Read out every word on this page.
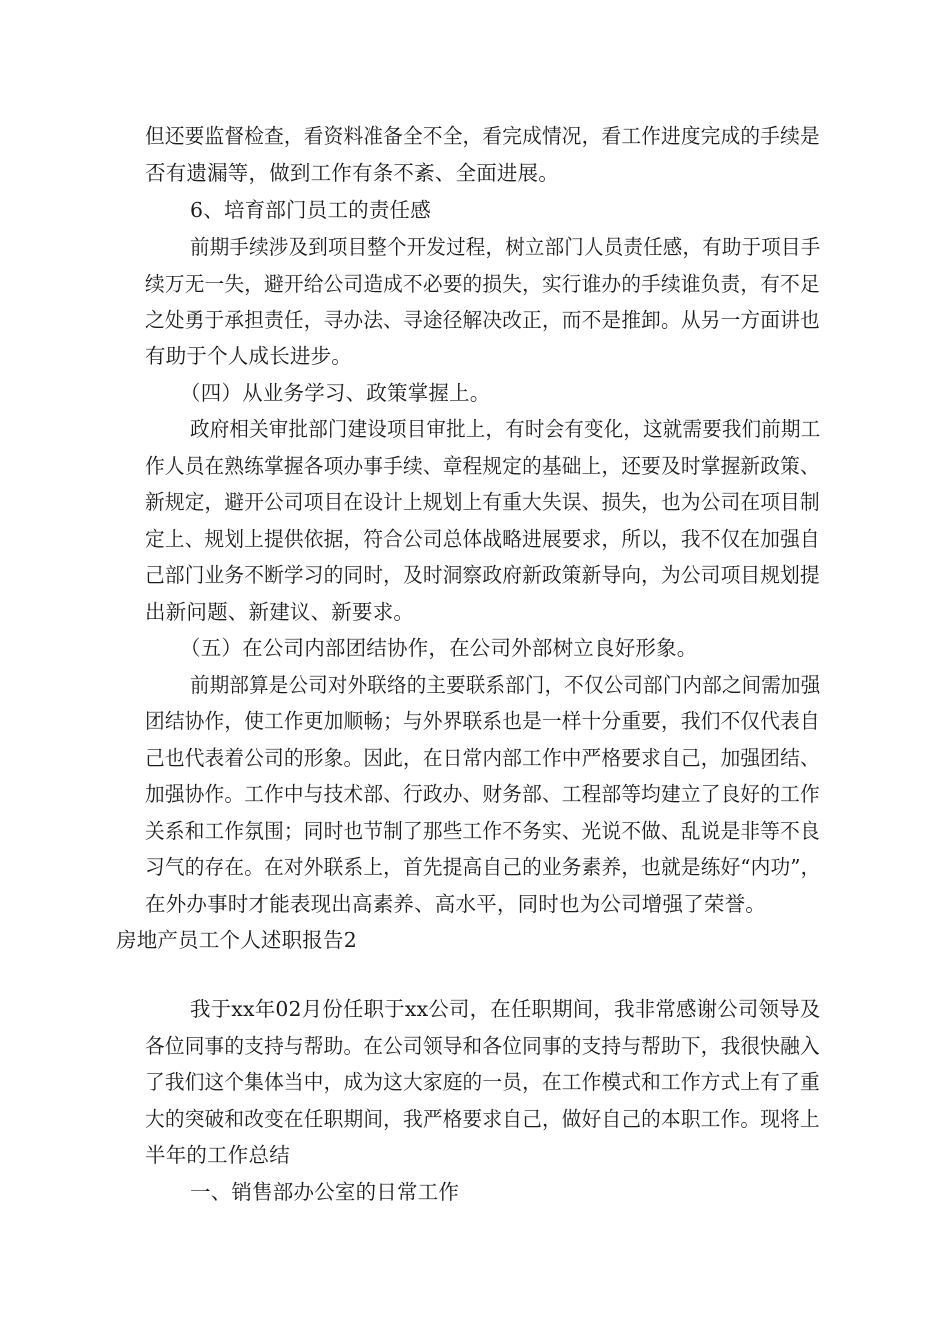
但还要监督检查，看资料准备全不全，看完成情况，看工作进度完成的手续是
否有遗漏等，做到工作有条不紊、全面进展。
6、培育部门员工的责任感
前期手续涉及到项目整个开发过程，树立部门人员责任感，有助于项目手
续万无一失，避开给公司造成不必要的损失，实行谁办的手续谁负责，有不足
之处勇于承担责任，寻办法、寻途径解决改正，而不是推卸。从另一方面讲也
有助于个人成长进步。
（四）从业务学习、政策掌握上。
政府相关审批部门建设项目审批上，有时会有变化，这就需要我们前期工
作人员在熟练掌握各项办事手续、章程规定的基础上，还要及时掌握新政策、
新规定，避开公司项目在设计上规划上有重大失误、损失，也为公司在项目制
定上、规划上提供依据，符合公司总体战略进展要求，所以，我不仅在加强自
己部门业务不断学习的同时，及时洞察政府新政策新导向，为公司项目规划提
出新问题、新建议、新要求。
（五）在公司内部团结协作，在公司外部树立良好形象。
前期部算是公司对外联络的主要联系部门，不仅公司部门内部之间需加强
团结协作，使工作更加顺畅；与外界联系也是一样十分重要，我们不仅代表自
己也代表着公司的形象。因此，在日常内部工作中严格要求自己，加强团结、
加强协作。工作中与技术部、行政办、财务部、工程部等均建立了良好的工作
关系和工作氛围；同时也节制了那些工作不务实、光说不做、乱说是非等不良
习气的存在。在对外联系上，首先提高自己的业务素养，也就是练好“内功”，
在外办事时才能表现出高素养、高水平，同时也为公司增强了荣誉。
房地产员工个人述职报告2
我于xx年02月份任职于xx公司，在任职期间，我非常感谢公司领导及
各位同事的支持与帮助。在公司领导和各位同事的支持与帮助下，我很快融入
了我们这个集体当中，成为这大家庭的一员，在工作模式和工作方式上有了重
大的突破和改变在任职期间，我严格要求自己，做好自己的本职工作。现将上
半年的工作总结
一、销售部办公室的日常工作
